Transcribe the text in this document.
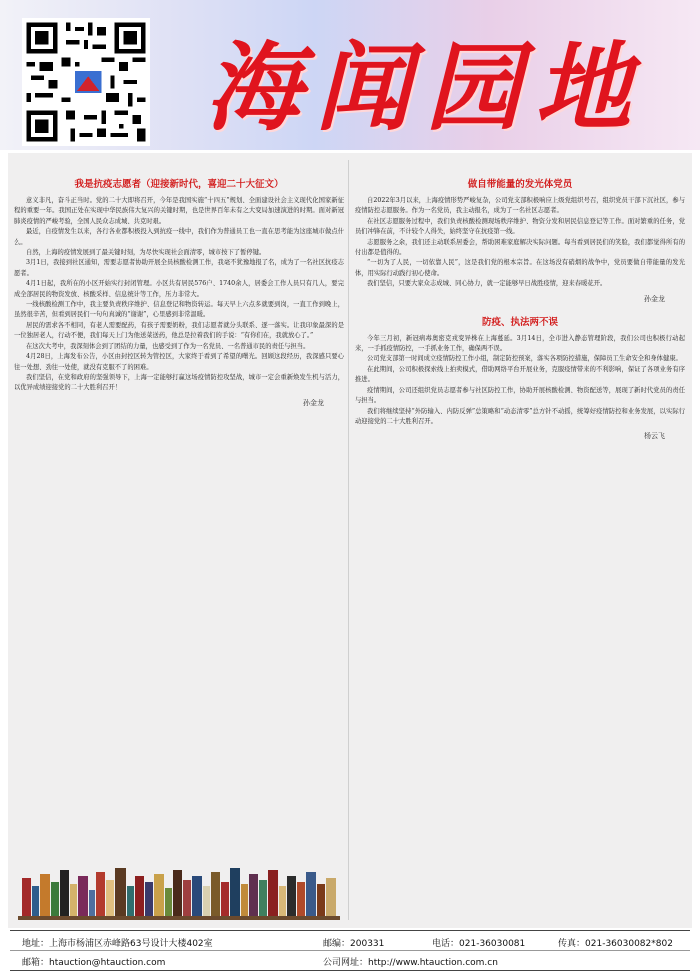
海闻园地
我是抗疫志愿者（迎接新时代，喜迎二十大征文）

意义非凡，奋斗正当时。党的二十大即将召开，今年是我国实施“十四五”规划、全面建设社会主义现代化国家新征程的重要一年。我国正处在实现中华民族伟大复兴的关键时期，也是世界百年未有之大变局加速演进的时期。面对新冠肺炎疫情的严峻考验，全国人民众志成城、共克时艰。

最近，自疫情发生以来，各行各业都积极投入到抗疫一线中，我们作为普通员工也一直在思考能为这座城市做点什么。

自然，上海的疫情发展到了最关键时刻，为尽快实现社会面清零，城市按下了暂停键。

3月1日，我接到社区通知，需要志愿者协助开展全员核酸检测工作，我毫不犹豫地报了名，成为了一名社区抗疫志愿者。

4月1日起，我所在的小区开始实行封闭管理。小区共有居民576户、1740余人，居委会工作人员只有几人，要完成全部居民的物资发放、核酸采样、信息统计等工作，压力非常大。

一线核酸检测工作中，我主要负责秩序维护、信息登记和物资转运。每天早上六点多就要到岗，一直工作到晚上，虽然很辛苦，但看到居民们一句句真诚的“谢谢”，心里感到非常温暖。

居民的需求各不相同，有老人需要配药，有孩子需要奶粉，我们志愿者就分头联系、逐一落实。让我印象最深的是一位独居老人，行动不便，我们每天上门为他送菜送药，他总是拉着我们的手说：“有你们在，我就放心了。”

在这次大考中，我深刻体会到了团结的力量，也感受到了作为一名党员、一名普通市民的责任与担当。

4月28日，上海发布公告，小区由封控区转为管控区，大家终于看到了希望的曙光。回顾这段经历，我深感只要心往一处想、劲往一处使，就没有克服不了的困难。

我们坚信，在党和政府的坚强领导下，上海一定能够打赢这场疫情防控攻坚战，城市一定会重新焕发生机与活力，以优异成绩迎接党的二十大胜利召开！

孙金龙
做自带能量的发光体党员

自2022年3月以来，上海疫情形势严峻复杂，公司党支部积极响应上级党组织号召，组织党员干部下沉社区，参与疫情防控志愿服务。作为一名党员，我主动报名，成为了一名社区志愿者。

在社区志愿服务过程中，我们负责核酸检测现场秩序维护、物资分发和居民信息登记等工作。面对繁重的任务，党员们冲锋在前，不计较个人得失，始终坚守在抗疫第一线。

志愿服务之余，我们还主动联系居委会，帮助困难家庭解决实际问题。每当看到居民们的笑脸，我们都觉得所有的付出都是值得的。

“一切为了人民，一切依靠人民”，这是我们党的根本宗旨。在这场没有硝烟的战争中，党员要做自带能量的发光体，用实际行动践行初心使命。

我们坚信，只要大家众志成城、同心协力，就一定能够早日战胜疫情，迎来春暖花开。

孙金龙
防疫、执法两不误

今年三月初，新冠病毒奥密克戎变异株在上海蔓延。3月14日，全市进入静态管理阶段，我们公司也积极行动起来，一手抓疫情防控，一手抓业务工作，确保两不误。

公司党支部第一时间成立疫情防控工作小组，制定防控预案，落实各项防控措施，保障员工生命安全和身体健康。

在此期间，公司积极探索线上拍卖模式，借助网络平台开展业务，克服疫情带来的不利影响，保证了各项业务有序推进。

疫情期间，公司还组织党员志愿者参与社区防控工作，协助开展核酸检测、物资配送等，展现了新时代党员的责任与担当。

我们将继续坚持“外防输入、内防反弹”总策略和“动态清零”总方针不动摇，统筹好疫情防控和业务发展，以实际行动迎接党的二十大胜利召开。

杨云飞
地址：上海市杨浦区赤峰路63号设计大楼402室	邮编：200331	电话：021-36030081	传真：021-36030082*802
邮箱：htauction@htauction.com	公司网址：http://www.htauction.com.cn
